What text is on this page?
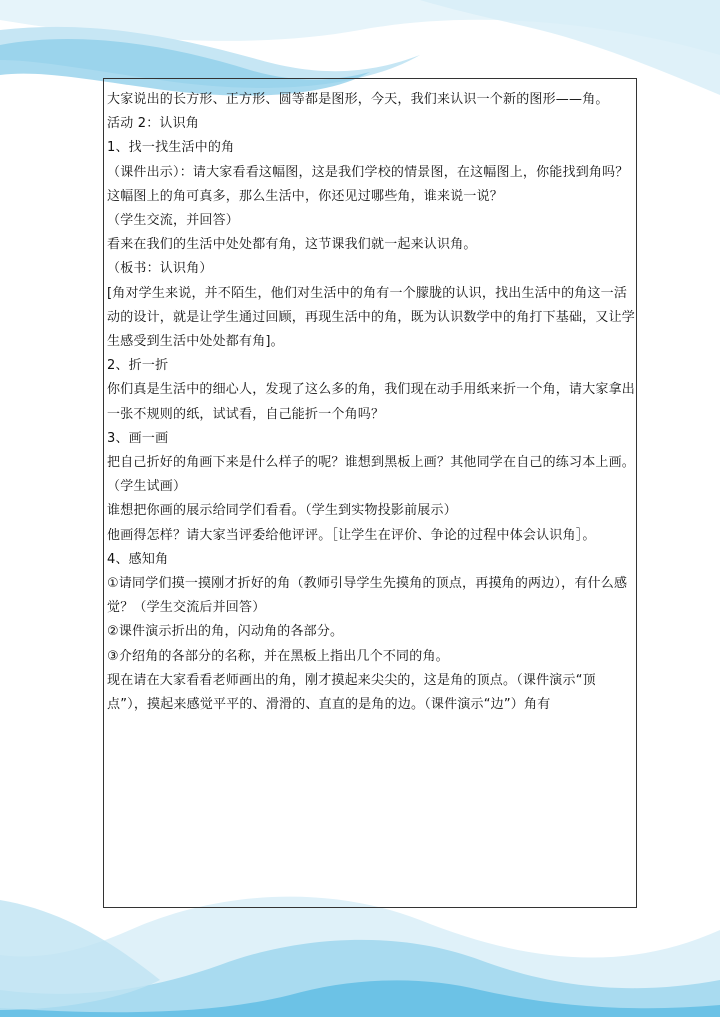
大家说出的长方形、正方形、圆等都是图形，今天，我们来认识一个新的图形——角。

活动 2：认识角

1、找一找生活中的角

（课件出示）：请大家看看这幅图，这是我们学校的情景图，在这幅图上，你能找到角吗？

这幅图上的角可真多，那么生活中，你还见过哪些角，谁来说一说？

（学生交流，并回答）

看来在我们的生活中处处都有角，这节课我们就一起来认识角。

（板书：认识角）

[角对学生来说，并不陌生，他们对生活中的角有一个朦胧的认识，找出生活中的角这一活动的设计，就是让学生通过回顾，再现生活中的角，既为认识数学中的角打下基础，又让学生感受到生活中处处都有角]。

2、折一折

你们真是生活中的细心人，发现了这么多的角，我们现在动手用纸来折一个角，请大家拿出一张不规则的纸，试试看，自己能折一个角吗？

3、画一画

把自己折好的角画下来是什么样子的呢？谁想到黑板上画？其他同学在自己的练习本上画。（学生试画）

谁想把你画的展示给同学们看看。（学生到实物投影前展示）

他画得怎样？请大家当评委给他评评。［让学生在评价、争论的过程中体会认识角］。

4、感知角

①请同学们摸一摸刚才折好的角（教师引导学生先摸角的顶点，再摸角的两边），有什么感觉？（学生交流后并回答）

②课件演示折出的角，闪动角的各部分。

③介绍角的各部分的名称，并在黑板上指出几个不同的角。

现在请在大家看看老师画出的角，刚才摸起来尖尖的，这是角的顶点。（课件演示“顶点”），摸起来感觉平平的、滑滑的、直直的是角的边。（课件演示“边”）角有
